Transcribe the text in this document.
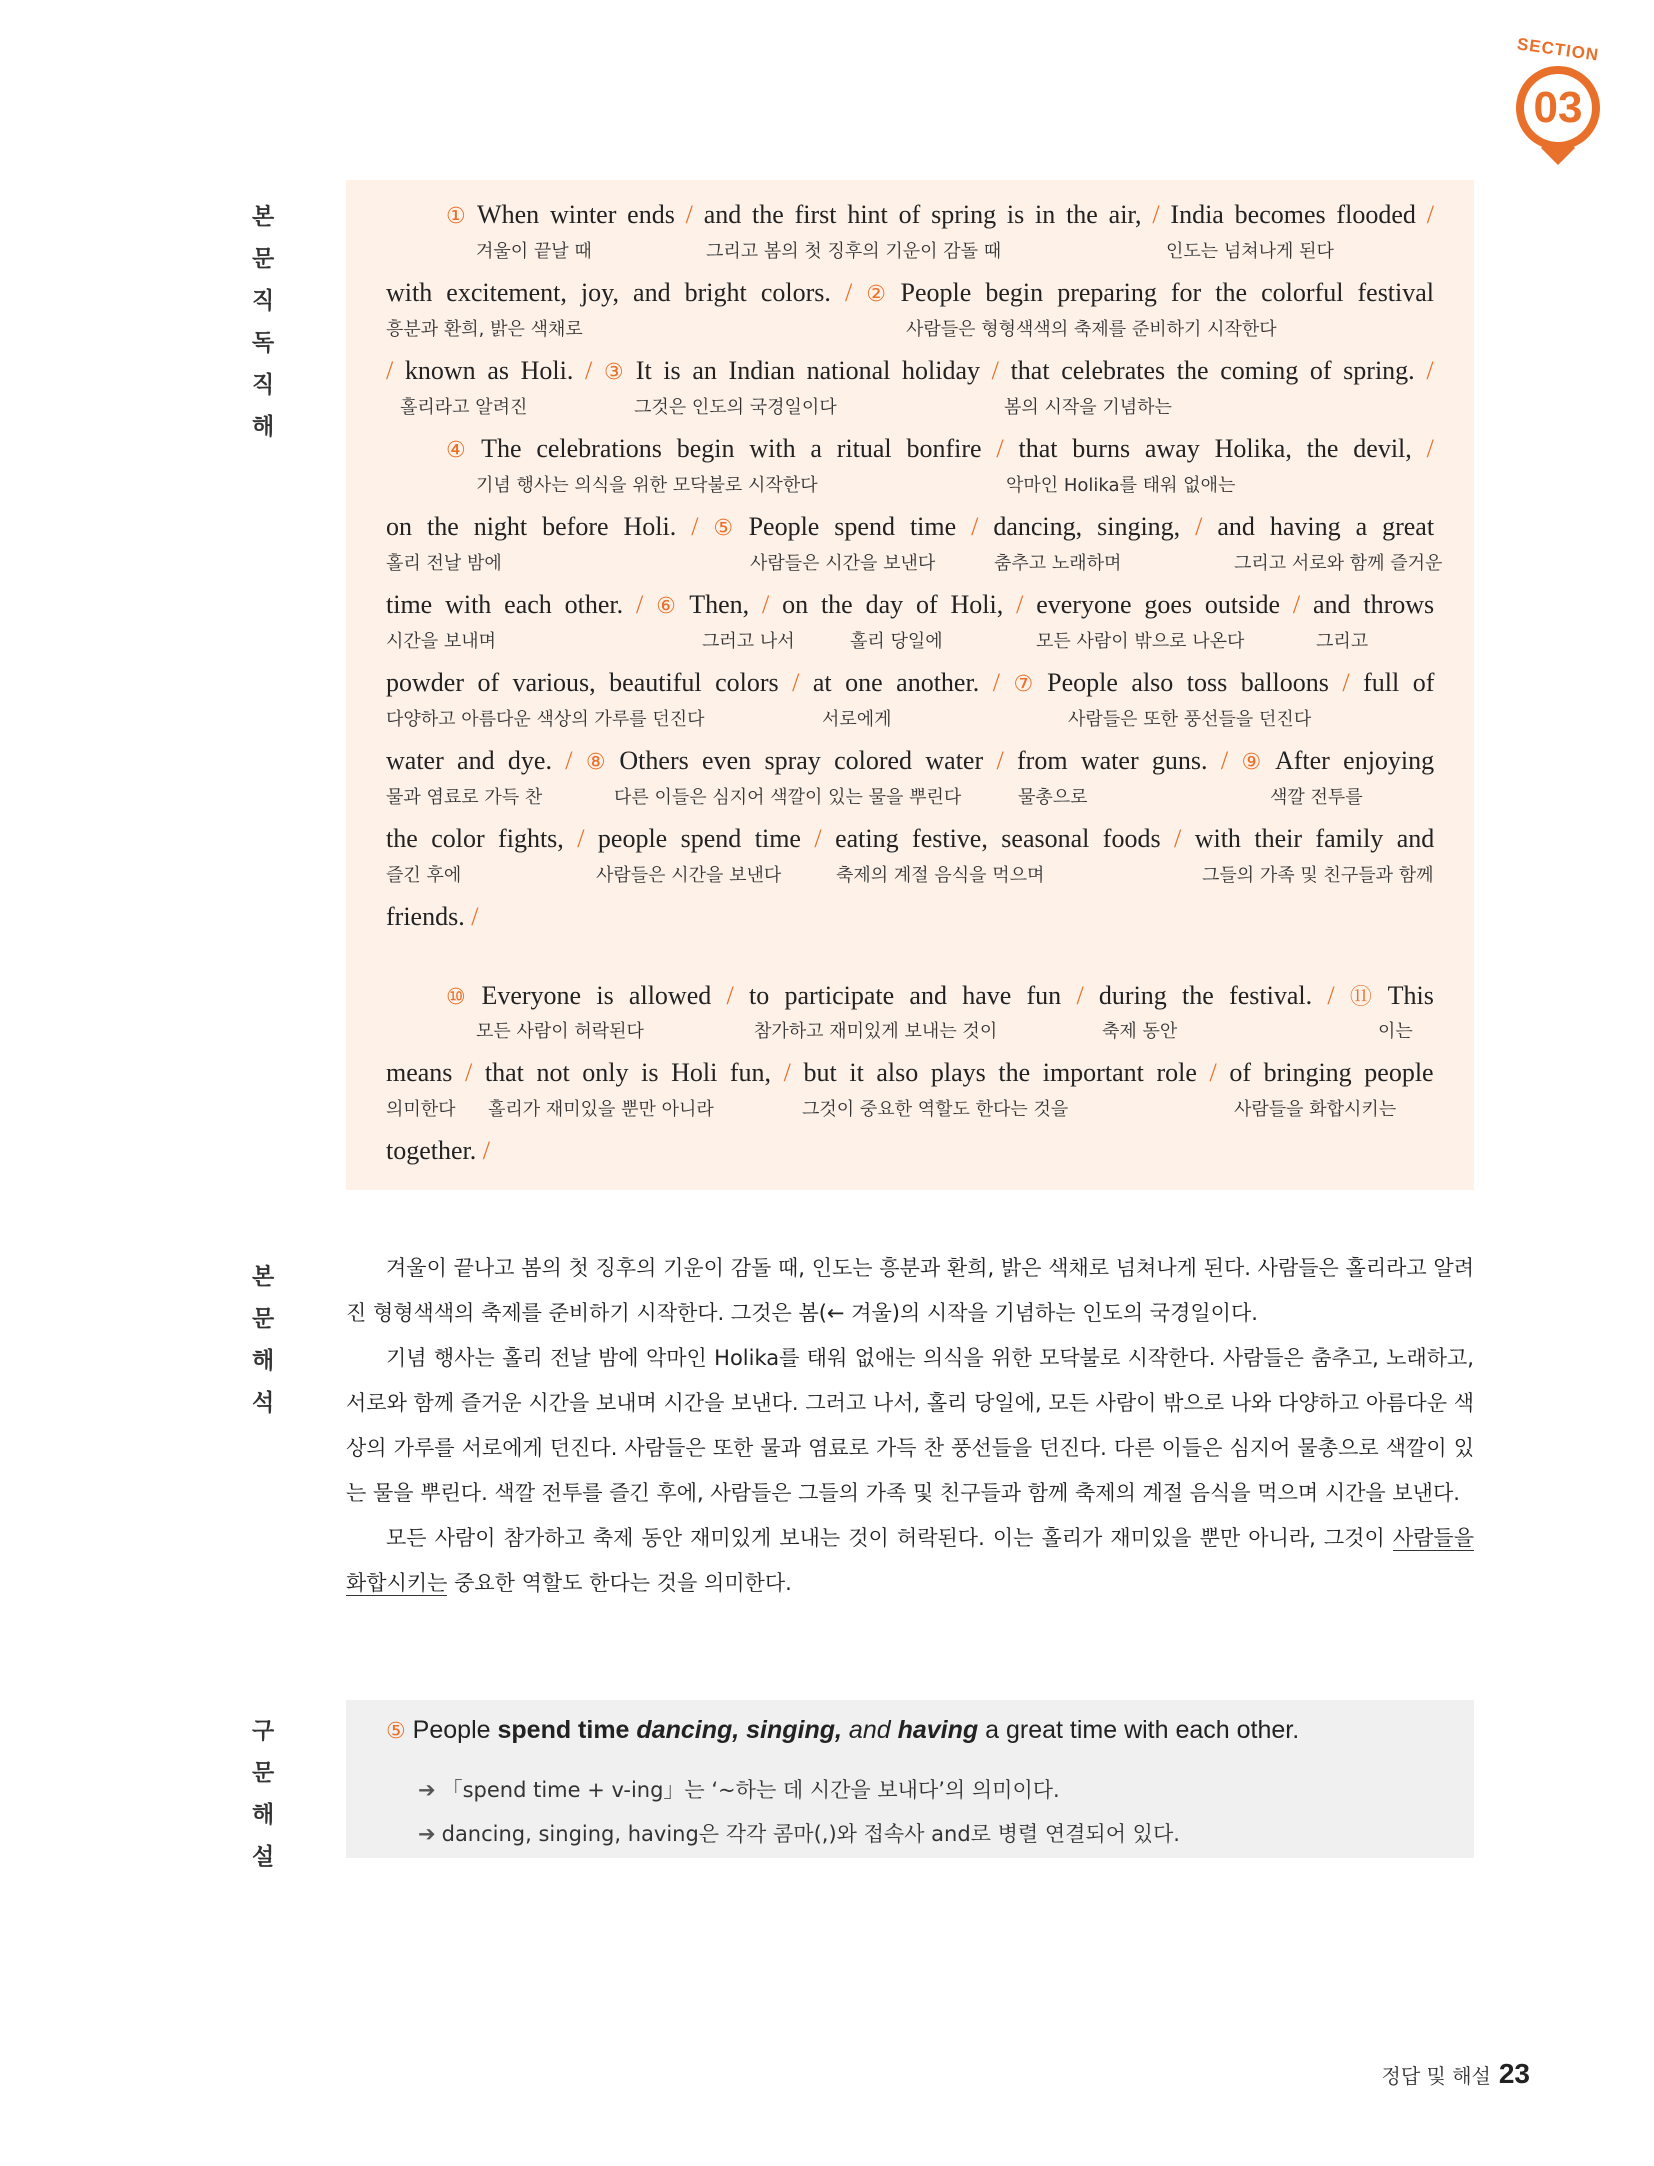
SECTION
03
본 문
직 독
직 해
본 문
해 석
구 문
해 설
① When winter ends / and the first hint of spring is in the air, / India becomes flooded /
겨울이 끝날 때	그리고 봄의 첫 징후의 기운이 감돌 때	인도는 넘쳐나게 된다
with excitement, joy, and bright colors. / ② People begin preparing for the colorful festival
흥분과 환희, 밝은 색채로	사람들은 형형색색의 축제를 준비하기 시작한다
/ known as Holi. / ③ It is an Indian national holiday / that celebrates the coming of spring. /
홀리라고 알려진	그것은 인도의 국경일이다	봄의 시작을 기념하는
④ The celebrations begin with a ritual bonfire / that burns away Holika, the devil, /
기념 행사는 의식을 위한 모닥불로 시작한다	악마인 Holika를 태워 없애는
on the night before Holi. / ⑤ People spend time / dancing, singing, / and having a great
홀리 전날 밤에	사람들은 시간을 보낸다	춤추고 노래하며	그리고 서로와 함께 즐거운
time with each other. / ⑥ Then, / on the day of Holi, / everyone goes outside / and throws
시간을 보내며	그러고 나서	홀리 당일에	모든 사람이 밖으로 나온다	그리고
powder of various, beautiful colors / at one another. / ⑦ People also toss balloons / full of
다양하고 아름다운 색상의 가루를 던진다	서로에게	사람들은 또한 풍선들을 던진다
water and dye. / ⑧ Others even spray colored water / from water guns. / ⑨ After enjoying
물과 염료로 가득 찬	다른 이들은 심지어 색깔이 있는 물을 뿌린다	물총으로	색깔 전투를
the color fights, / people spend time / eating festive, seasonal foods / with their family and
즐긴 후에	사람들은 시간을 보낸다	축제의 계절 음식을 먹으며	그들의 가족 및 친구들과 함께
friends. /
⑩ Everyone is allowed / to participate and have fun / during the festival. / ⑪ This
모든 사람이 허락된다	참가하고 재미있게 보내는 것이	축제 동안	이는
means / that not only is Holi fun, / but it also plays the important role / of bringing people
의미한다 홀리가 재미있을 뿐만 아니라	그것이 중요한 역할도 한다는 것을	사람들을 화합시키는
together. /

겨울이 끝나고 봄의 첫 징후의 기운이 감돌 때, 인도는 흥분과 환희, 밝은 색채로 넘쳐나게 된다. 사람들은 홀리라고 알려진 형형색색의 축제를 준비하기 시작한다. 그것은 봄(← 겨울)의 시작을 기념하는 인도의 국경일이다.

기념 행사는 홀리 전날 밤에 악마인 Holika를 태워 없애는 의식을 위한 모닥불로 시작한다. 사람들은 춤추고, 노래하고, 서로와 함께 즐거운 시간을 보내며 시간을 보낸다. 그러고 나서, 홀리 당일에, 모든 사람이 밖으로 나와 다양하고 아름다운 색상의 가루를 서로에게 던진다. 사람들은 또한 물과 염료로 가득 찬 풍선들을 던진다. 다른 이들은 심지어 물총으로 색깔이 있는 물을 뿌린다. 색깔 전투를 즐긴 후에, 사람들은 그들의 가족 및 친구들과 함께 축제의 계절 음식을 먹으며 시간을 보낸다.

모든 사람이 참가하고 축제 동안 재미있게 보내는 것이 허락된다. 이는 홀리가 재미있을 뿐만 아니라, 그것이 사람들을 화합시키는 중요한 역할도 한다는 것을 의미한다.

⑤ People spend time dancing, singing, and having a great time with each other.
➔ 「spend time + v-ing」는 ‘~하는 데 시간을 보내다’의 의미이다.
➔ dancing, singing, having은 각각 콤마(,)와 접속사 and로 병렬 연결되어 있다.
정답 및 해설 23
